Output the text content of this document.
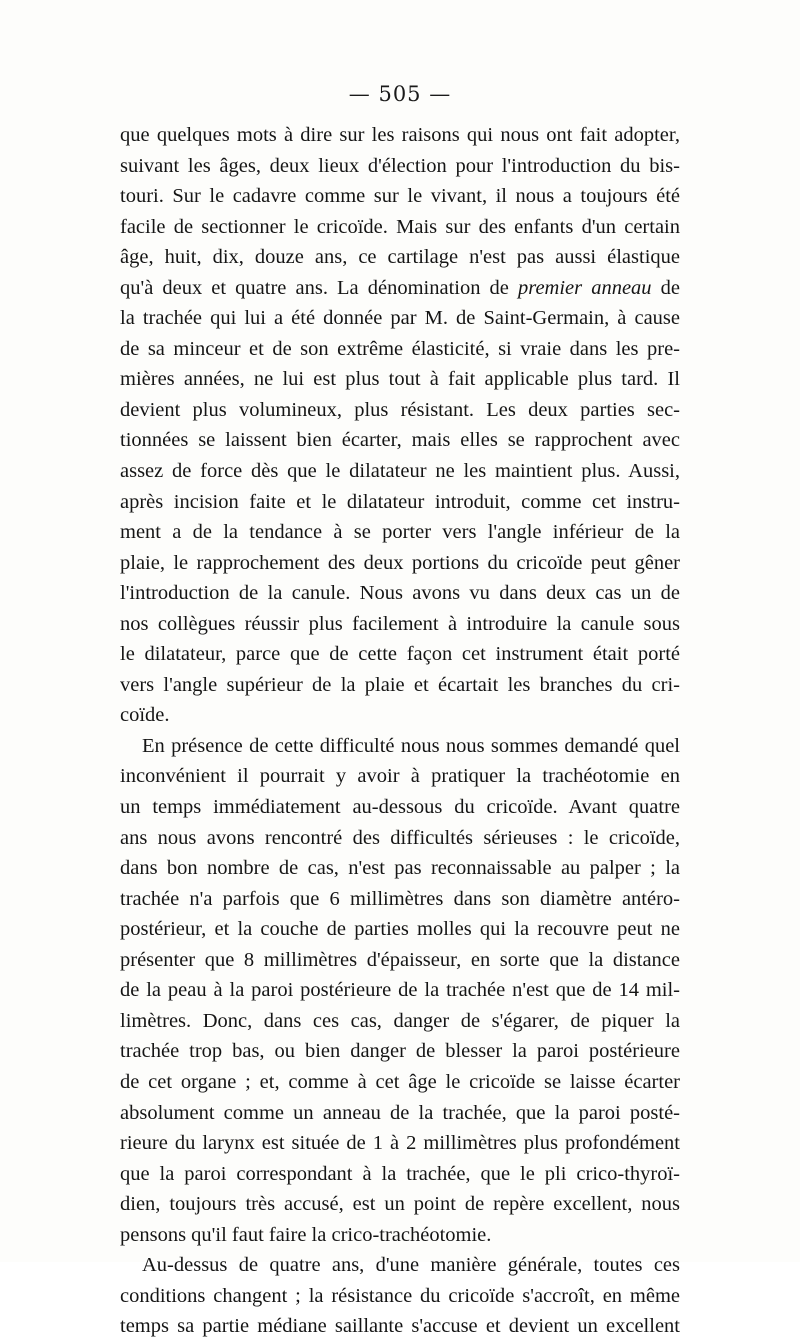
— 505 —
que quelques mots à dire sur les raisons qui nous ont fait adopter,
suivant les âges, deux lieux d'élection pour l'introduction du bis-
touri. Sur le cadavre comme sur le vivant, il nous a toujours été
facile de sectionner le cricoïde. Mais sur des enfants d'un certain
âge, huit, dix, douze ans, ce cartilage n'est pas aussi élastique
qu'à deux et quatre ans. La dénomination de premier anneau de
la trachée qui lui a été donnée par M. de Saint-Germain, à cause
de sa minceur et de son extrême élasticité, si vraie dans les pre-
mières années, ne lui est plus tout à fait applicable plus tard. Il
devient plus volumineux, plus résistant. Les deux parties sec-
tionnées se laissent bien écarter, mais elles se rapprochent avec
assez de force dès que le dilatateur ne les maintient plus. Aussi,
après incision faite et le dilatateur introduit, comme cet instru-
ment a de la tendance à se porter vers l'angle inférieur de la
plaie, le rapprochement des deux portions du cricoïde peut gêner
l'introduction de la canule. Nous avons vu dans deux cas un de
nos collègues réussir plus facilement à introduire la canule sous
le dilatateur, parce que de cette façon cet instrument était porté
vers l'angle supérieur de la plaie et écartait les branches du cri-
coïde.
En présence de cette difficulté nous nous sommes demandé quel
inconvénient il pourrait y avoir à pratiquer la trachéotomie en
un temps immédiatement au-dessous du cricoïde. Avant quatre
ans nous avons rencontré des difficultés sérieuses : le cricoïde,
dans bon nombre de cas, n'est pas reconnaissable au palper ; la
trachée n'a parfois que 6 millimètres dans son diamètre antéro-
postérieur, et la couche de parties molles qui la recouvre peut ne
présenter que 8 millimètres d'épaisseur, en sorte que la distance
de la peau à la paroi postérieure de la trachée n'est que de 14 mil-
limètres. Donc, dans ces cas, danger de s'égarer, de piquer la
trachée trop bas, ou bien danger de blesser la paroi postérieure
de cet organe ; et, comme à cet âge le cricoïde se laisse écarter
absolument comme un anneau de la trachée, que la paroi posté-
rieure du larynx est située de 1 à 2 millimètres plus profondément
que la paroi correspondant à la trachée, que le pli crico-thyroï-
dien, toujours très accusé, est un point de repère excellent, nous
pensons qu'il faut faire la crico-trachéotomie.
Au-dessus de quatre ans, d'une manière générale, toutes ces
conditions changent ; la résistance du cricoïde s'accroît, en même
temps sa partie médiane saillante s'accuse et devient un excellent
